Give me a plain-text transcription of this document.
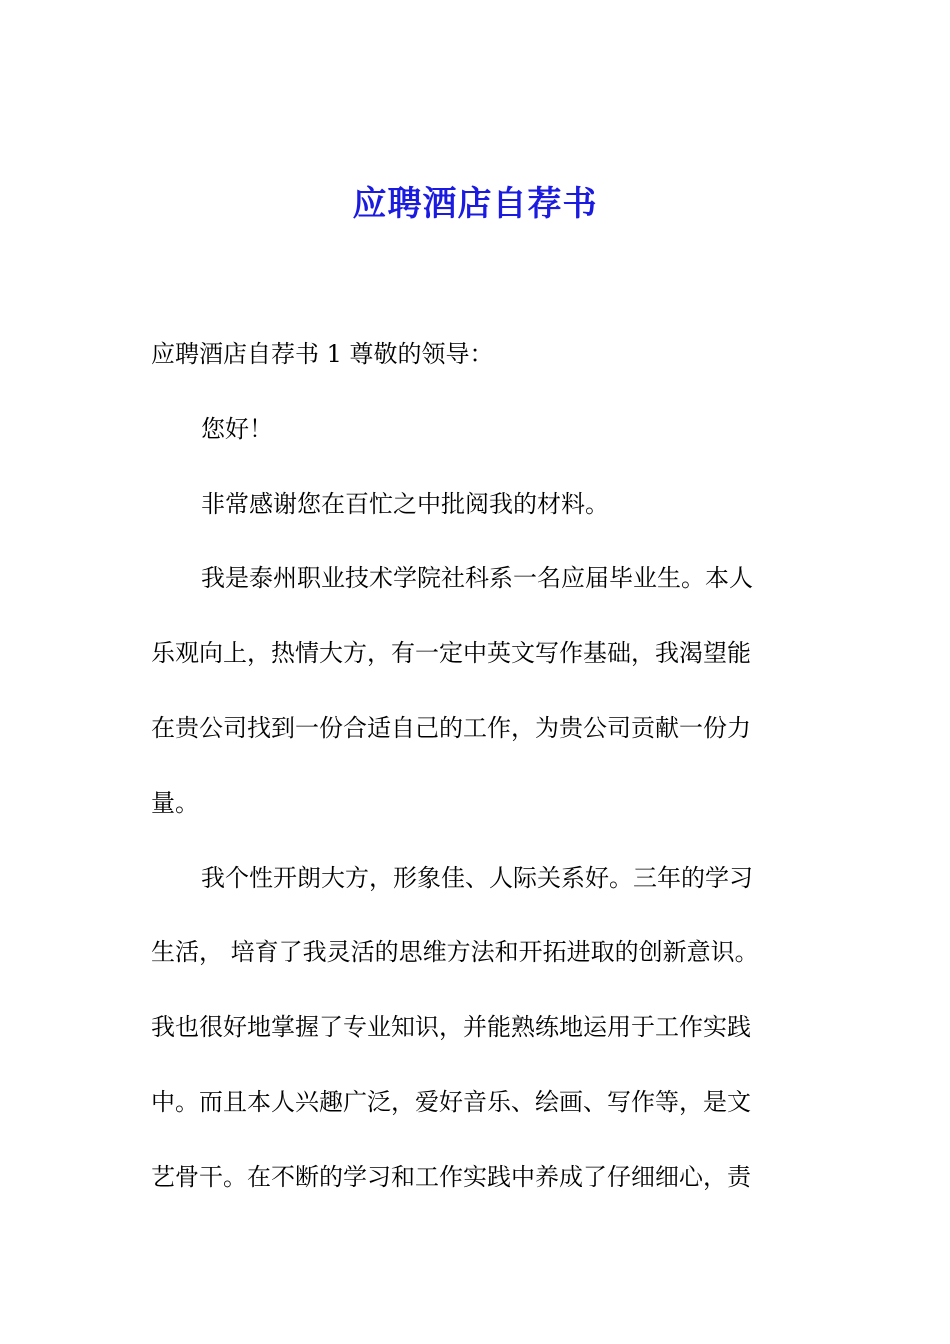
应聘酒店自荐书

应聘酒店自荐书 1 尊敬的领导：

您好！

非常感谢您在百忙之中批阅我的材料。

我是泰州职业技术学院社科系一名应届毕业生。本人

乐观向上，热情大方，有一定中英文写作基础，我渴望能

在贵公司找到一份合适自己的工作，为贵公司贡献一份力

量。

我个性开朗大方，形象佳、人际关系好。三年的学习

生活， 培育了我灵活的思维方法和开拓进取的创新意识。

我也很好地掌握了专业知识，并能熟练地运用于工作实践

中。而且本人兴趣广泛，爱好音乐、绘画、写作等，是文

艺骨干。在不断的学习和工作实践中养成了仔细细心，责
